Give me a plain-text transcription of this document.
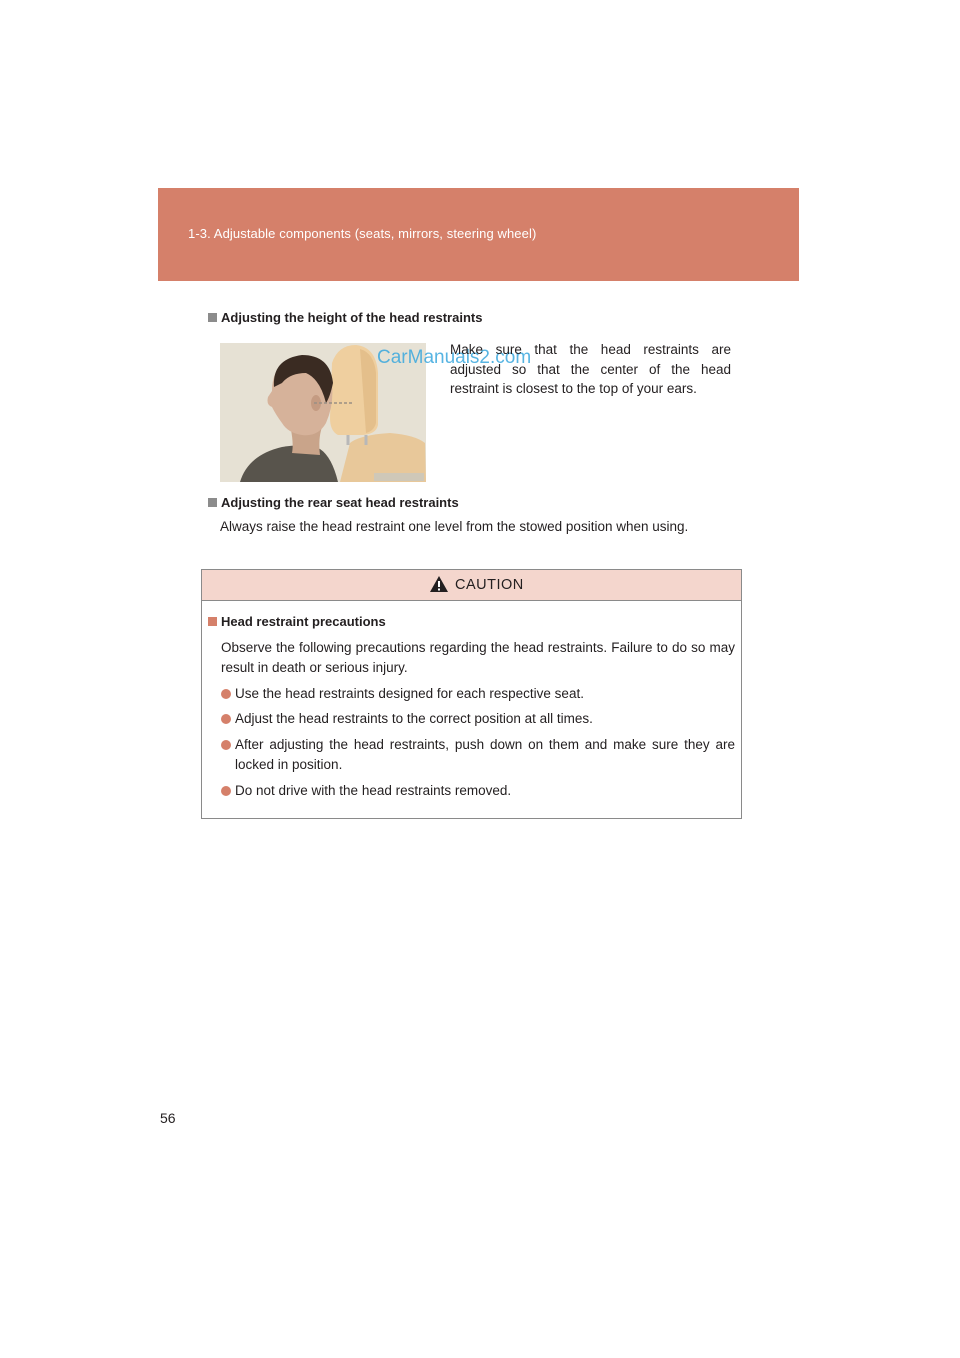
1-3. Adjustable components (seats, mirrors, steering wheel)
Adjusting the height of the head restraints
CarManuals2.com
Make sure that the head restraints are adjusted so that the center of the head restraint is closest to the top of your ears.
Adjusting the rear seat head restraints
Always raise the head restraint one level from the stowed position when using.
CAUTION
Head restraint precautions
Observe the following precautions regarding the head restraints. Failure to do so may result in death or serious injury.
Use the head restraints designed for each respective seat.
Adjust the head restraints to the correct position at all times.
After adjusting the head restraints, push down on them and make sure they are locked in position.
Do not drive with the head restraints removed.
56
